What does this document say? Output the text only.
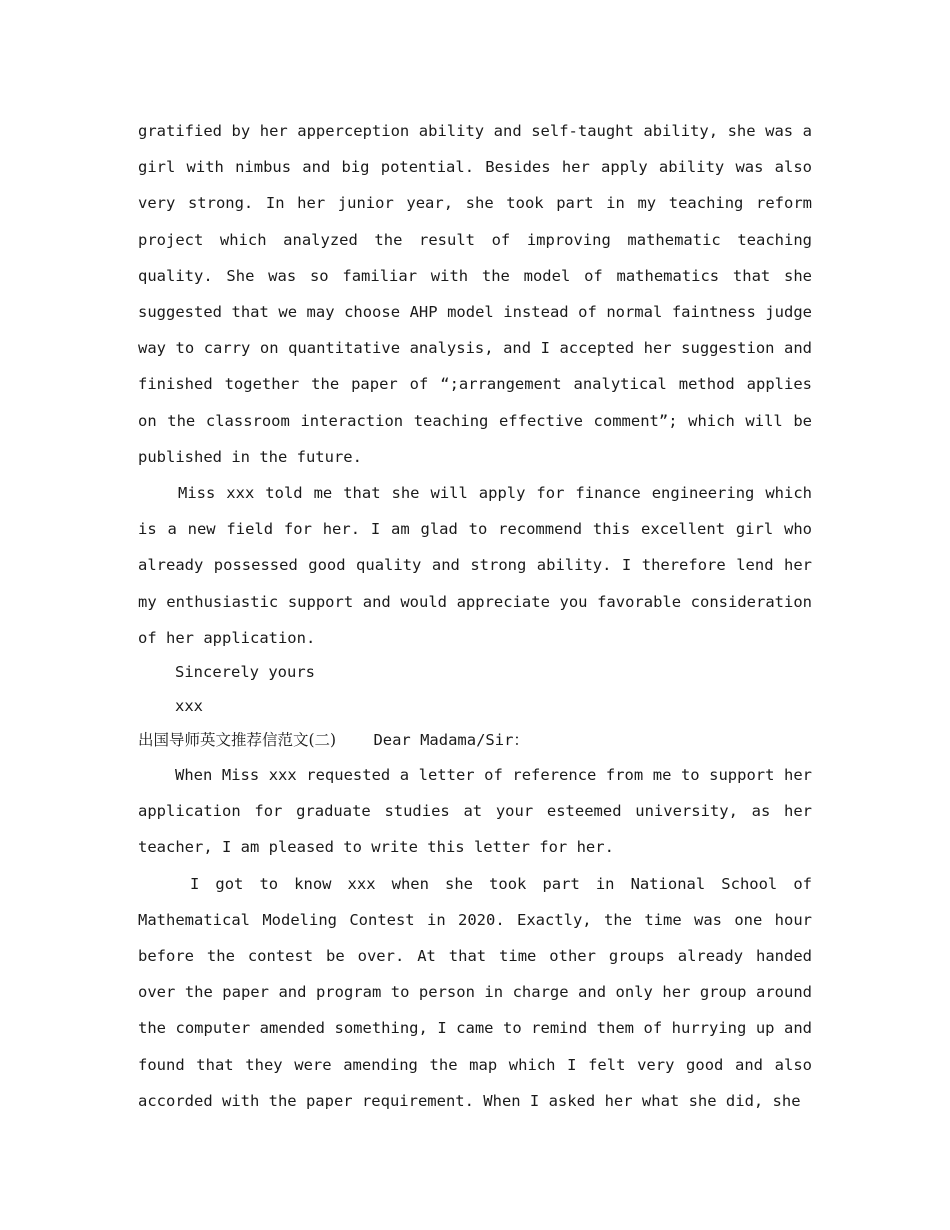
gratified by her apperception ability and self-taught ability, she was a girl with nimbus and big potential. Besides her apply ability was also very strong. In her junior year, she took part in my teaching reform project which analyzed the result of improving mathematic teaching quality. She was so familiar with the model of mathematics that she suggested that we may choose AHP model instead of normal faintness judge way to carry on quantitative analysis, and I accepted her suggestion and finished together the paper of “;arrangement analytical method applies on the classroom interaction teaching effective comment”; which will be published in the future.

Miss xxx told me that she will apply for finance engineering which is a new field for her. I am glad to recommend this excellent girl who already possessed good quality and strong ability. I therefore lend her my enthusiastic support and would appreciate you favorable consideration of her application.

Sincerely yours

xxx

出国导师英文推荐信范文(二) Dear Madama/Sir：

When Miss xxx requested a letter of reference from me to support her application for graduate studies at your esteemed university, as her teacher, I am pleased to write this letter for her.

I got to know xxx when she took part in National School of Mathematical Modeling Contest in 2020. Exactly, the time was one hour before the contest be over. At that time other groups already handed over the paper and program to person in charge and only her group around the computer amended something, I came to remind them of hurrying up and found that they were amending the map which I felt very good and also accorded with the paper requirement. When I asked her what she did, she
